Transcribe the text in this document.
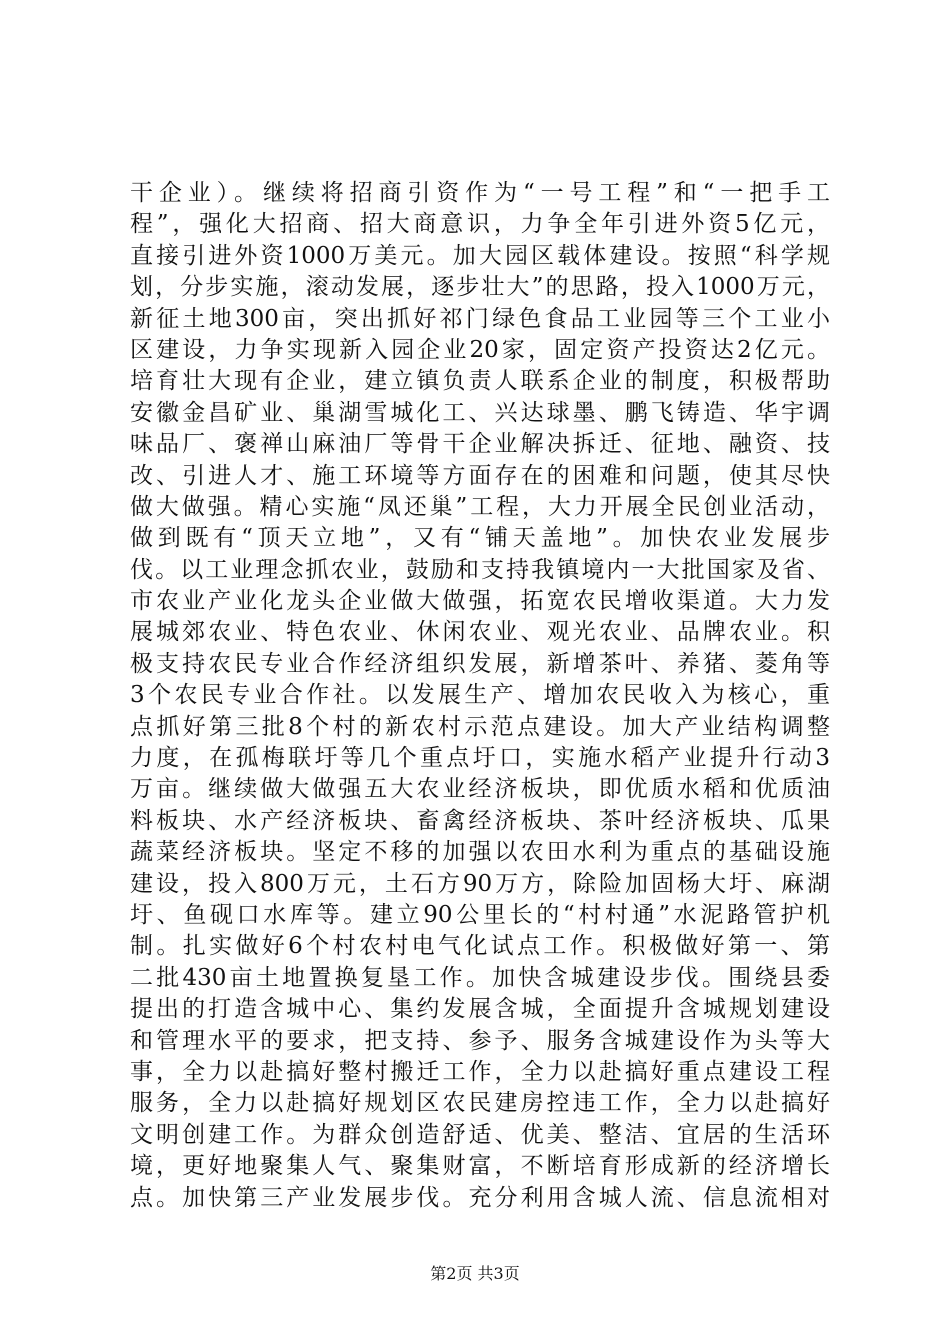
干企业）。继续将招商引资作为“一号工程”和“一把手工
程”，强化大招商、招大商意识，力争全年引进外资5亿元，
直接引进外资1000万美元。加大园区载体建设。按照“科学规
划，分步实施，滚动发展，逐步壮大”的思路，投入1000万元，
新征土地300亩，突出抓好祁门绿色食品工业园等三个工业小
区建设，力争实现新入园企业20家，固定资产投资达2亿元。
培育壮大现有企业，建立镇负责人联系企业的制度，积极帮助
安徽金昌矿业、巢湖雪城化工、兴达球墨、鹏飞铸造、华宇调
味品厂、褒禅山麻油厂等骨干企业解决拆迁、征地、融资、技
改、引进人才、施工环境等方面存在的困难和问题，使其尽快
做大做强。精心实施“凤还巢”工程，大力开展全民创业活动，
做到既有“顶天立地”，又有“铺天盖地”。加快农业发展步
伐。以工业理念抓农业，鼓励和支持我镇境内一大批国家及省、
市农业产业化龙头企业做大做强，拓宽农民增收渠道。大力发
展城郊农业、特色农业、休闲农业、观光农业、品牌农业。积
极支持农民专业合作经济组织发展，新增茶叶、养猪、菱角等
3个农民专业合作社。以发展生产、增加农民收入为核心，重
点抓好第三批8个村的新农村示范点建设。加大产业结构调整
力度，在孤梅联圩等几个重点圩口，实施水稻产业提升行动3
万亩。继续做大做强五大农业经济板块，即优质水稻和优质油
料板块、水产经济板块、畜禽经济板块、茶叶经济板块、瓜果
蔬菜经济板块。坚定不移的加强以农田水利为重点的基础设施
建设，投入800万元，土石方90万方，除险加固杨大圩、麻湖
圩、鱼砚口水库等。建立90公里长的“村村通”水泥路管护机
制。扎实做好6个村农村电气化试点工作。积极做好第一、第
二批430亩土地置换复垦工作。加快含城建设步伐。围绕县委
提出的打造含城中心、集约发展含城，全面提升含城规划建设
和管理水平的要求，把支持、参予、服务含城建设作为头等大
事，全力以赴搞好整村搬迁工作，全力以赴搞好重点建设工程
服务，全力以赴搞好规划区农民建房控违工作，全力以赴搞好
文明创建工作。为群众创造舒适、优美、整洁、宜居的生活环
境，更好地聚集人气、聚集财富，不断培育形成新的经济增长
点。加快第三产业发展步伐。充分利用含城人流、信息流相对
第2页 共3页
